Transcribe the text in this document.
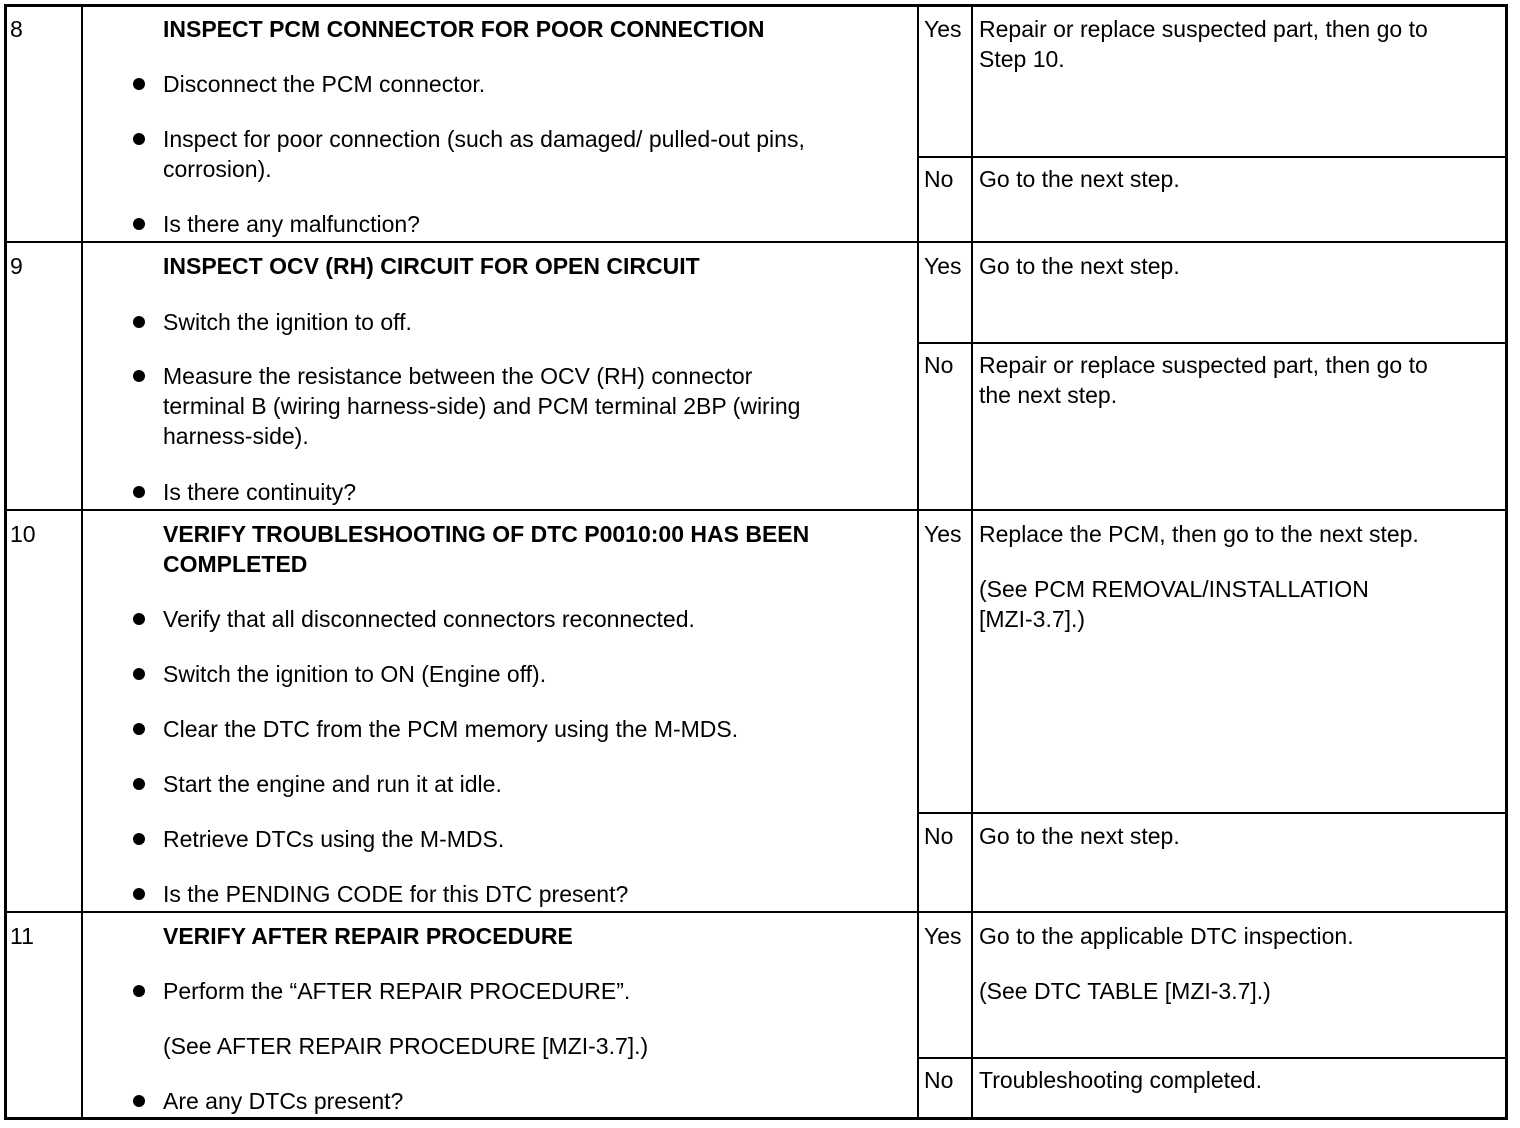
8	INSPECT PCM CONNECTOR FOR POOR CONNECTION
Disconnect the PCM connector.
Inspect for poor connection (such as damaged/ pulled-out pins,
corrosion).
Is there any malfunction?
Yes Repair or replace suspected part, then go to
Step 10.
No Go to the next step.
9	INSPECT OCV (RH) CIRCUIT FOR OPEN CIRCUIT
Switch the ignition to off.
Measure the resistance between the OCV (RH) connector
terminal B (wiring harness-side) and PCM terminal 2BP (wiring
harness-side).
Is there continuity?
Yes Go to the next step.
No Repair or replace suspected part, then go to
the next step.
10	VERIFY TROUBLESHOOTING OF DTC P0010:00 HAS BEEN
COMPLETED
Verify that all disconnected connectors reconnected.
Switch the ignition to ON (Engine off).
Clear the DTC from the PCM memory using the M-MDS.
Start the engine and run it at idle.
Retrieve DTCs using the M-MDS.
Is the PENDING CODE for this DTC present?
Yes Replace the PCM, then go to the next step.
(See PCM REMOVAL/INSTALLATION
[MZI-3.7].)
No Go to the next step.
11	VERIFY AFTER REPAIR PROCEDURE
Perform the “AFTER REPAIR PROCEDURE”.
(See AFTER REPAIR PROCEDURE [MZI-3.7].)
Are any DTCs present?
Yes Go to the applicable DTC inspection.
(See DTC TABLE [MZI-3.7].)
No Troubleshooting completed.
